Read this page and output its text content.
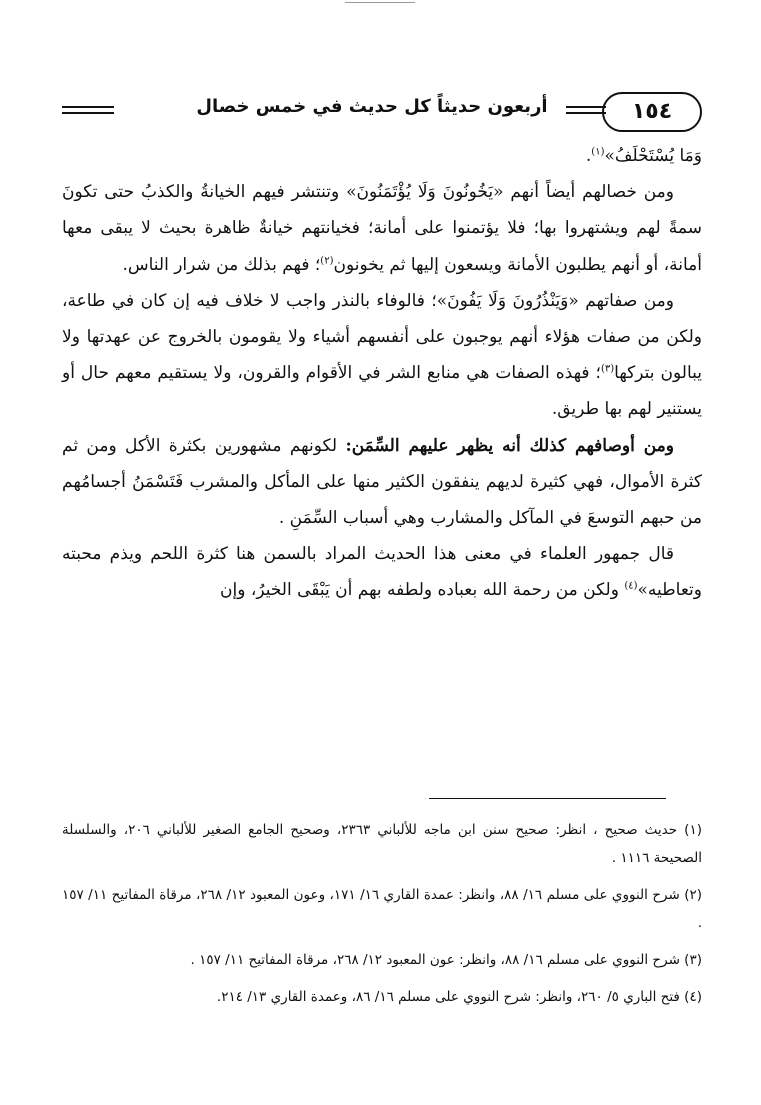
١٥٤
أربعون حديثاً كل حديث في خمس خصال

وَمَا يُسْتَحْلَفُ»$^{(١)}$.

ومن خصالهم أيضاً أنهم «يَخُونُونَ وَلَا يُؤْتَمَنُونَ» وتنتشر فيهم الخيانةُ والكذبُ حتى تكونَ سمةً لهم ويشتهروا بها؛ فلا يؤتمنوا على أمانة؛ فخيانتهم خيانةٌ ظاهرة بحيث لا يبقى معها أمانة، أو أنهم يطلبون الأمانة ويسعون إليها ثم يخونون$^{(٢)}$؛ فهم بذلك من شرار الناس.

ومن صفاتهم «وَيَنْذُرُونَ وَلَا يَفُونَ»؛ فالوفاء بالنذر واجب لا خلاف فيه إن كان في طاعة، ولكن من صفات هؤلاء أنهم يوجبون على أنفسهم أشياء ولا يقومون بالخروج عن عهدتها ولا يبالون بتركها$^{(٣)}$؛ فهذه الصفات هي منابع الشر في الأقوام والقرون، ولا يستقيم معهم حال أو يستنير لهم بها طريق.

ومن أوصافهم كذلك أنه يظهر عليهم السِّمَن: لكونهم مشهورين بكثرة الأكل ومن ثم كثرة الأموال، فهي كثيرة لديهم ينفقون الكثير منها على المأكل والمشرب فَتَسْمَنُ أجسامُهم من حبهم التوسعَ في المآكل والمشارب وهي أسباب السِّمَنِ .

قال جمهور العلماء في معنى هذا الحديث المراد بالسمن هنا كثرة اللحم ويذم محبته وتعاطيه»$^{(٤)}$ ولكن من رحمة الله بعباده ولطفه بهم أن يَبْقَى الخيرُ، وإن

(١) حديث صحيح ، انظر: صحيح سنن ابن ماجه للألباني ٢٣٦٣، وصحيح الجامع الصغير للألباني ٢٠٦، والسلسلة الصحيحة ١١١٦ .

(٢) شرح النووي على مسلم ١٦/ ٨٨، وانظر: عمدة القاري ١٦/ ١٧١، وعون المعبود ١٢/ ٢٦٨، مرقاة المفاتيح ١١/ ١٥٧ .

(٣) شرح النووي على مسلم ١٦/ ٨٨، وانظر: عون المعبود ١٢/ ٢٦٨، مرقاة المفاتيح ١١/ ١٥٧ .

(٤) فتح الباري ٥/ ٢٦٠، وانظر: شرح النووي على مسلم ١٦/ ٨٦، وعمدة القاري ١٣/ ٢١٤.
